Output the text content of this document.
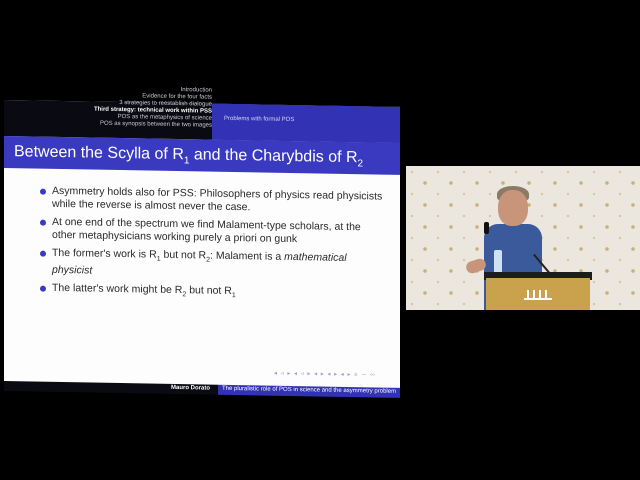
Introduction
Evidence for the four facts
3 strategies to reestablish dialogue
Third strategy: technical work within PSS
POS as the metaphysics of science
POS as synopsis between the two images
Problems with formal POS
Between the Scylla of $R_1$ and the Charybdis of $R_2$
Asymmetry holds also for PSS: Philosophers of physics read physicists while the reverse is almost never the case.
At one end of the spectrum we find Malament-type scholars, at the other metaphysicians working purely a priori on gunk
The former's work is $R_1$ but not $R_2$: Malament is a mathematical physicist
The latter's work might be $R_2$ but not $R_1$
◂ ◃ ▸ ◂ ◃ ▸ ◂ ▸ ◂ ▸ ◂ ▸ ≡ ∽ ∾
Mauro Dorato The pluralistic role of POS in science and the asymmetry problem
